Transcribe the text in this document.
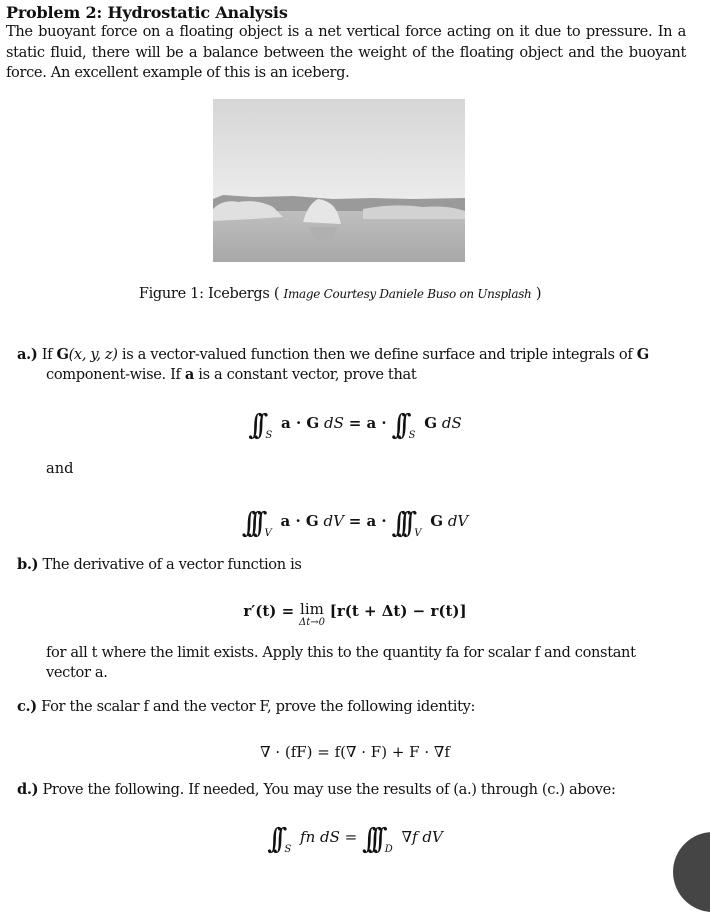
Problem 2: Hydrostatic Analysis
The buoyant force on a floating object is a net vertical force acting on it due to pressure. In a static fluid, there will be a balance between the weight of the floating object and the buoyant force. An excellent example of this is an iceberg.
Figure 1: Icebergs ( Image Courtesy Daniele Buso on Unsplash )
a.) If G(x, y, z) is a vector-valued function then we define surface and triple integrals of G
component-wise. If a is a constant vector, prove that
∫∫ $_S$ a · G dS = a · ∫∫ $_S$ G dS
and
∫∫∫ $_V$ a · G dV = a · ∫∫∫ $_V$ G dV
b.) The derivative of a vector function is
r′(t) = lim
Δt→0
[r(t + Δt) − r(t)]
for all t where the limit exists. Apply this to the quantity fa for scalar f and constant
vector a.
c.) For the scalar f and the vector F, prove the following identity:
∇ · (fF) = f(∇ · F) + F · ∇f
d.) Prove the following. If needed, You may use the results of (a.) through (c.) above:
∫∫ $_S$ fn dS = ∫∫∫ $_D$ ∇f dV
